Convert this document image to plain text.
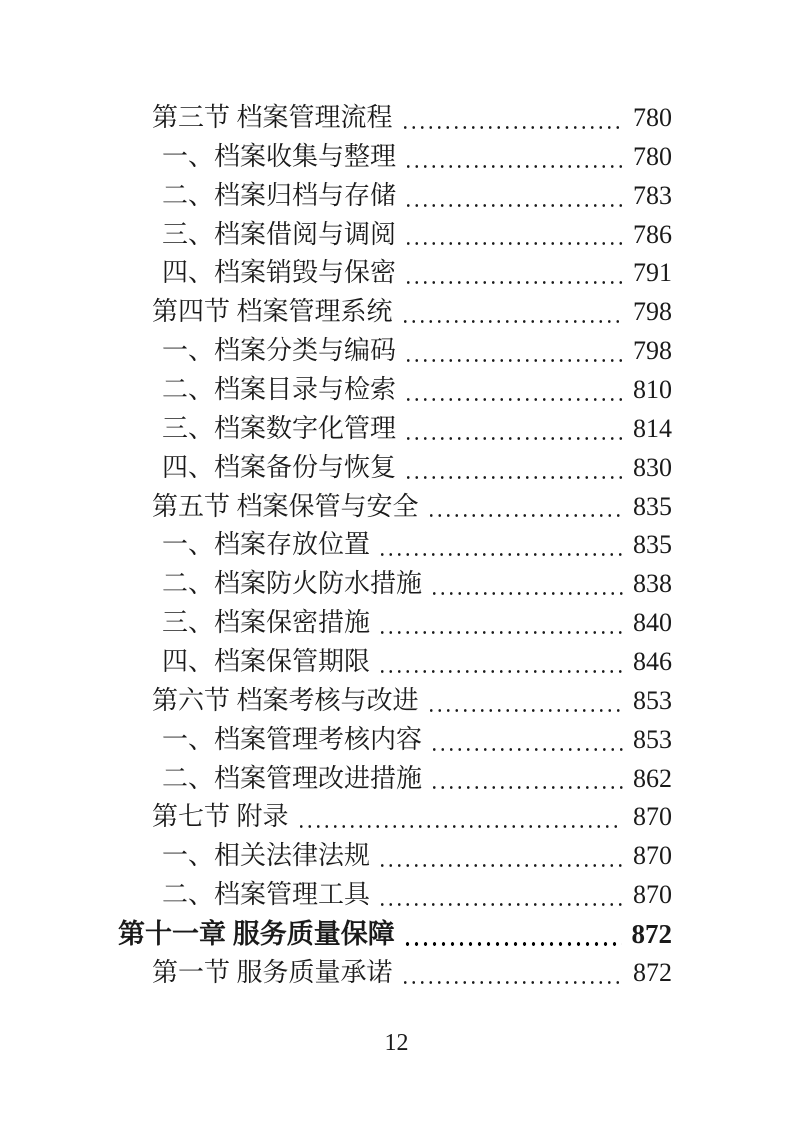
第三节 档案管理流程	780
一、档案收集与整理	780
二、档案归档与存储	783
三、档案借阅与调阅	786
四、档案销毁与保密	791
第四节 档案管理系统	798
一、档案分类与编码	798
二、档案目录与检索	810
三、档案数字化管理	814
四、档案备份与恢复	830
第五节 档案保管与安全	835
一、档案存放位置	835
二、档案防火防水措施	838
三、档案保密措施	840
四、档案保管期限	846
第六节 档案考核与改进	853
一、档案管理考核内容	853
二、档案管理改进措施	862
第七节 附录	870
一、相关法律法规	870
二、档案管理工具	870
第十一章 服务质量保障	872
第一节 服务质量承诺	872
12
